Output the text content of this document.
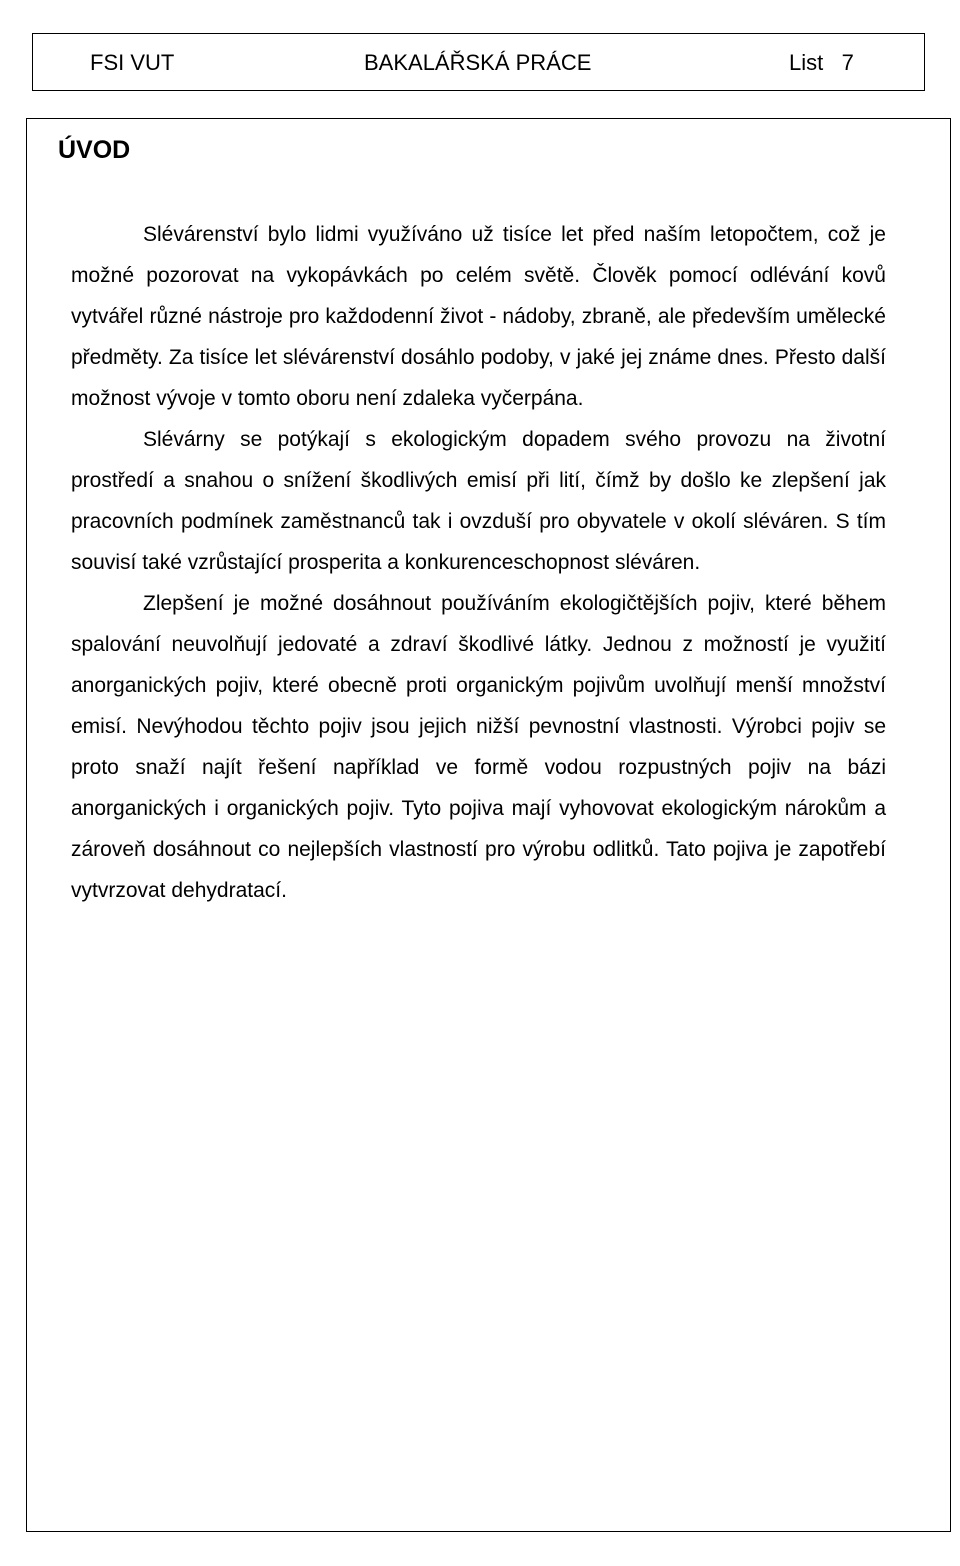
FSI VUT	BAKALÁŘSKÁ PRÁCE	List   7
ÚVOD

Slévárenství bylo lidmi využíváno už tisíce let před naším letopočtem, což je možné pozorovat na vykopávkách po celém světě. Člověk pomocí odlévání kovů vytvářel různé nástroje pro každodenní život - nádoby, zbraně, ale především umělecké předměty. Za tisíce let slévárenství dosáhlo podoby, v jaké jej známe dnes. Přesto další možnost vývoje v tomto oboru není zdaleka vyčerpána.

Slévárny se potýkají s ekologickým dopadem svého provozu na životní prostředí a snahou o snížení škodlivých emisí při lití, čímž by došlo ke zlepšení jak pracovních podmínek zaměstnanců tak i ovzduší pro obyvatele v okolí sléváren. S tím souvisí také vzrůstající prosperita a konkurenceschopnost sléváren.

Zlepšení je možné dosáhnout používáním ekologičtějších pojiv, které během spalování neuvolňují jedovaté a zdraví škodlivé látky. Jednou z možností je využití anorganických pojiv, které obecně proti organickým pojivům uvolňují menší množství emisí. Nevýhodou těchto pojiv jsou jejich nižší pevnostní vlastnosti. Výrobci pojiv se proto snaží najít řešení například ve formě vodou rozpustných pojiv na bázi anorganických i organických pojiv. Tyto pojiva mají vyhovovat ekologickým nárokům a zároveň dosáhnout co nejlepších vlastností pro výrobu odlitků. Tato pojiva je zapotřebí vytvrzovat dehydratací.
